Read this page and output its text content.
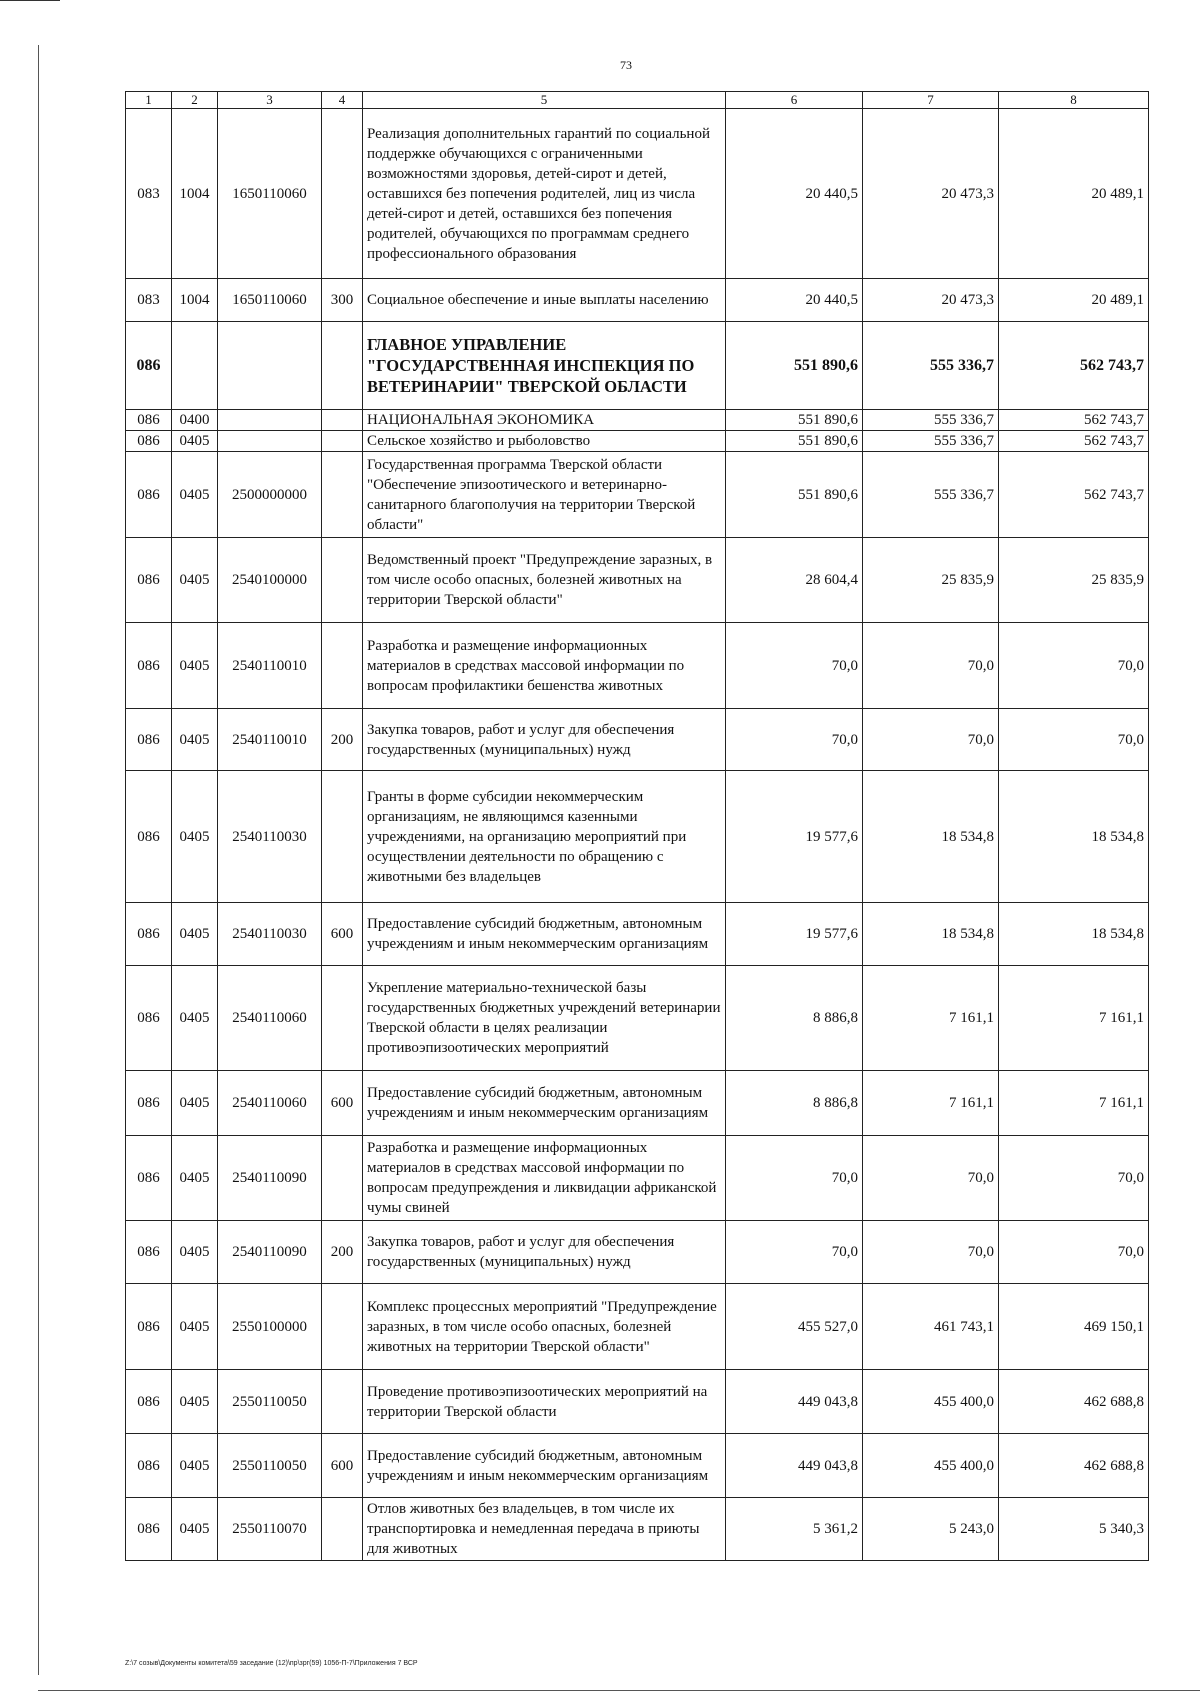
73
1	2	3	4	5	6	7	8
083	1004	1650110060		Реализация дополнительных гарантий по социальной поддержке обучающихся с ограниченными возможностями здоровья, детей-сирот и детей, оставшихся без попечения родителей, лиц из числа детей-сирот и детей, оставшихся без попечения родителей, обучающихся по программам среднего профессионального образования	20 440,5	20 473,3	20 489,1
083	1004	1650110060	300	Социальное обеспечение и иные выплаты населению	20 440,5	20 473,3	20 489,1
086				ГЛАВНОЕ УПРАВЛЕНИЕ "ГОСУДАРСТВЕННАЯ ИНСПЕКЦИЯ ПО ВЕТЕРИНАРИИ" ТВЕРСКОЙ ОБЛАСТИ	551 890,6	555 336,7	562 743,7
086	0400			НАЦИОНАЛЬНАЯ ЭКОНОМИКА	551 890,6	555 336,7	562 743,7
086	0405			Сельское хозяйство и рыболовство	551 890,6	555 336,7	562 743,7
086	0405	2500000000		Государственная программа Тверской области "Обеспечение эпизоотического и ветеринарно-санитарного благополучия на территории Тверской области"	551 890,6	555 336,7	562 743,7
086	0405	2540100000		Ведомственный проект "Предупреждение заразных, в том числе особо опасных, болезней животных на территории Тверской области"	28 604,4	25 835,9	25 835,9
086	0405	2540110010		Разработка и размещение информационных материалов в средствах массовой информации по вопросам профилактики бешенства животных	70,0	70,0	70,0
086	0405	2540110010	200	Закупка товаров, работ и услуг для обеспечения государственных (муниципальных) нужд	70,0	70,0	70,0
086	0405	2540110030		Гранты в форме субсидии некоммерческим организациям, не являющимся казенными учреждениями, на организацию мероприятий при осуществлении деятельности по обращению с животными без владельцев	19 577,6	18 534,8	18 534,8
086	0405	2540110030	600	Предоставление субсидий бюджетным, автономным учреждениям и иным некоммерческим организациям	19 577,6	18 534,8	18 534,8
086	0405	2540110060		Укрепление материально-технической базы государственных бюджетных учреждений ветеринарии Тверской области в целях реализации противоэпизоотических мероприятий	8 886,8	7 161,1	7 161,1
086	0405	2540110060	600	Предоставление субсидий бюджетным, автономным учреждениям и иным некоммерческим организациям	8 886,8	7 161,1	7 161,1
086	0405	2540110090		Разработка и размещение информационных материалов в средствах массовой информации по вопросам предупреждения и ликвидации африканской чумы свиней	70,0	70,0	70,0
086	0405	2540110090	200	Закупка товаров, работ и услуг для обеспечения государственных (муниципальных) нужд	70,0	70,0	70,0
086	0405	2550100000		Комплекс процессных мероприятий "Предупреждение заразных, в том числе особо опасных, болезней животных на территории Тверской области"	455 527,0	461 743,1	469 150,1
086	0405	2550110050		Проведение противоэпизоотических мероприятий на территории Тверской области	449 043,8	455 400,0	462 688,8
086	0405	2550110050	600	Предоставление субсидий бюджетным, автономным учреждениям и иным некоммерческим организациям	449 043,8	455 400,0	462 688,8
086	0405	2550110070		Отлов животных без владельцев, в том числе их транспортировка и немедленная передача в приюты для животных	5 361,2	5 243,0	5 340,3
Z:\7 созыв\Документы комитета\59 заседание (12)\пр\зрг(59) 1056-П-7\Приложения 7 ВСР
